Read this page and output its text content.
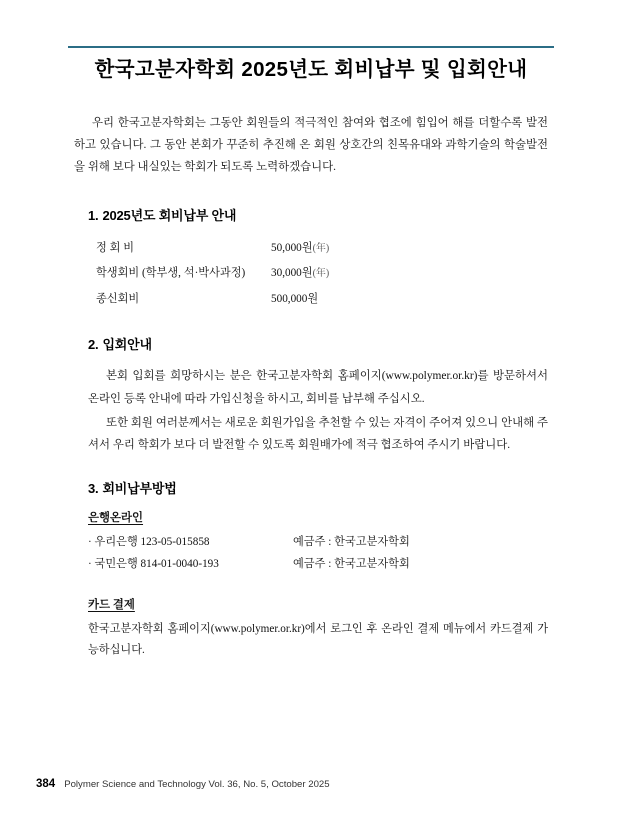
한국고분자학회 2025년도 회비납부 및 입회안내

우리 한국고분자학회는 그동안 회원들의 적극적인 참여와 협조에 힘입어 해를 더할수록 발전하고 있습니다. 그 동안 본회가 꾸준히 추진해 온 회원 상호간의 친목유대와 과학기술의 학술발전을 위해 보다 내실있는 학회가 되도록 노력하겠습니다.

1. 2025년도 회비납부 안내
정 회 비	50,000원(年)
학생회비 (학부생, 석·박사과정)	30,000원(年)
종신회비	500,000원
2. 입회안내

본회 입회를 희망하시는 분은 한국고분자학회 홈페이지(www.polymer.or.kr)를 방문하셔서 온라인 등록 안내에 따라 가입신청을 하시고, 회비를 납부해 주십시오.

또한 회원 여러분께서는 새로운 회원가입을 추천할 수 있는 자격이 주어져 있으니 안내해 주셔서 우리 학회가 보다 더 발전할 수 있도록 회원배가에 적극 협조하여 주시기 바랍니다.

3. 회비납부방법
은행온라인
· 우리은행 123-05-015858	예금주 : 한국고분자학회
· 국민은행 814-01-0040-193	예금주 : 한국고분자학회
카드 결제

한국고분자학회 홈페이지(www.polymer.or.kr)에서 로그인 후 온라인 결제 메뉴에서 카드결제 가능하십니다.

384 Polymer Science and Technology Vol. 36, No. 5, October 2025
